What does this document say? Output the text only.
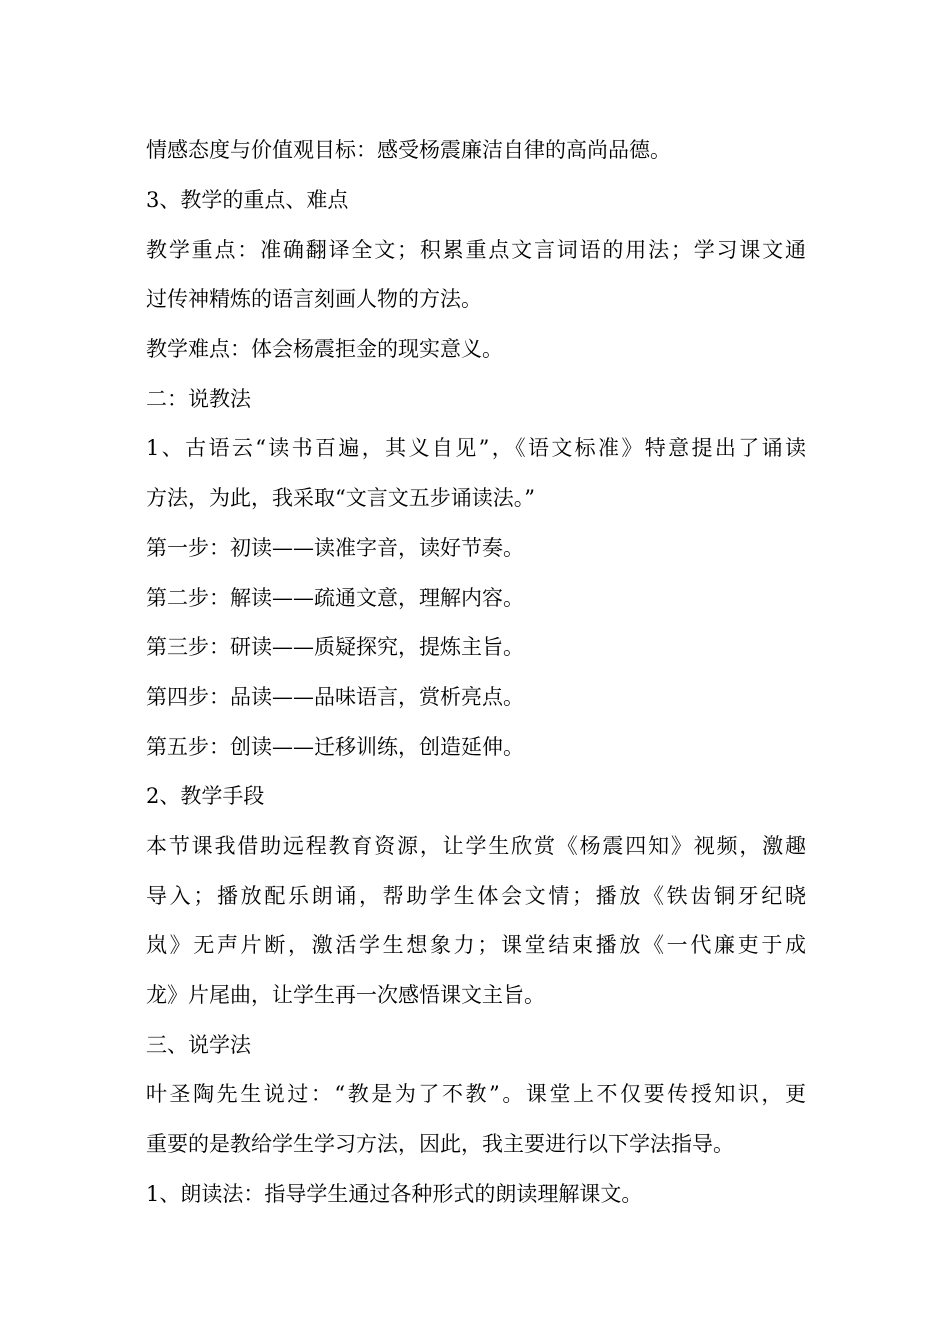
情感态度与价值观目标：感受杨震廉洁自律的高尚品德。
3、教学的重点、难点
教学重点：准确翻译全文；积累重点文言词语的用法；学习课文通
过传神精炼的语言刻画人物的方法。
教学难点：体会杨震拒金的现实意义。
二：说教法
1、古语云“读书百遍，其义自见”，《语文标准》特意提出了诵读
方法，为此，我采取“文言文五步诵读法。”
第一步：初读——读准字音，读好节奏。
第二步：解读——疏通文意，理解内容。
第三步：研读——质疑探究，提炼主旨。
第四步：品读——品味语言，赏析亮点。
第五步：创读——迁移训练，创造延伸。
2、教学手段
本节课我借助远程教育资源，让学生欣赏《杨震四知》视频，激趣
导入；播放配乐朗诵，帮助学生体会文情；播放《铁齿铜牙纪晓
岚》无声片断，激活学生想象力；课堂结束播放《一代廉吏于成
龙》片尾曲，让学生再一次感悟课文主旨。
三、说学法
叶圣陶先生说过：“教是为了不教”。课堂上不仅要传授知识，更
重要的是教给学生学习方法，因此，我主要进行以下学法指导。
1、朗读法：指导学生通过各种形式的朗读理解课文。
